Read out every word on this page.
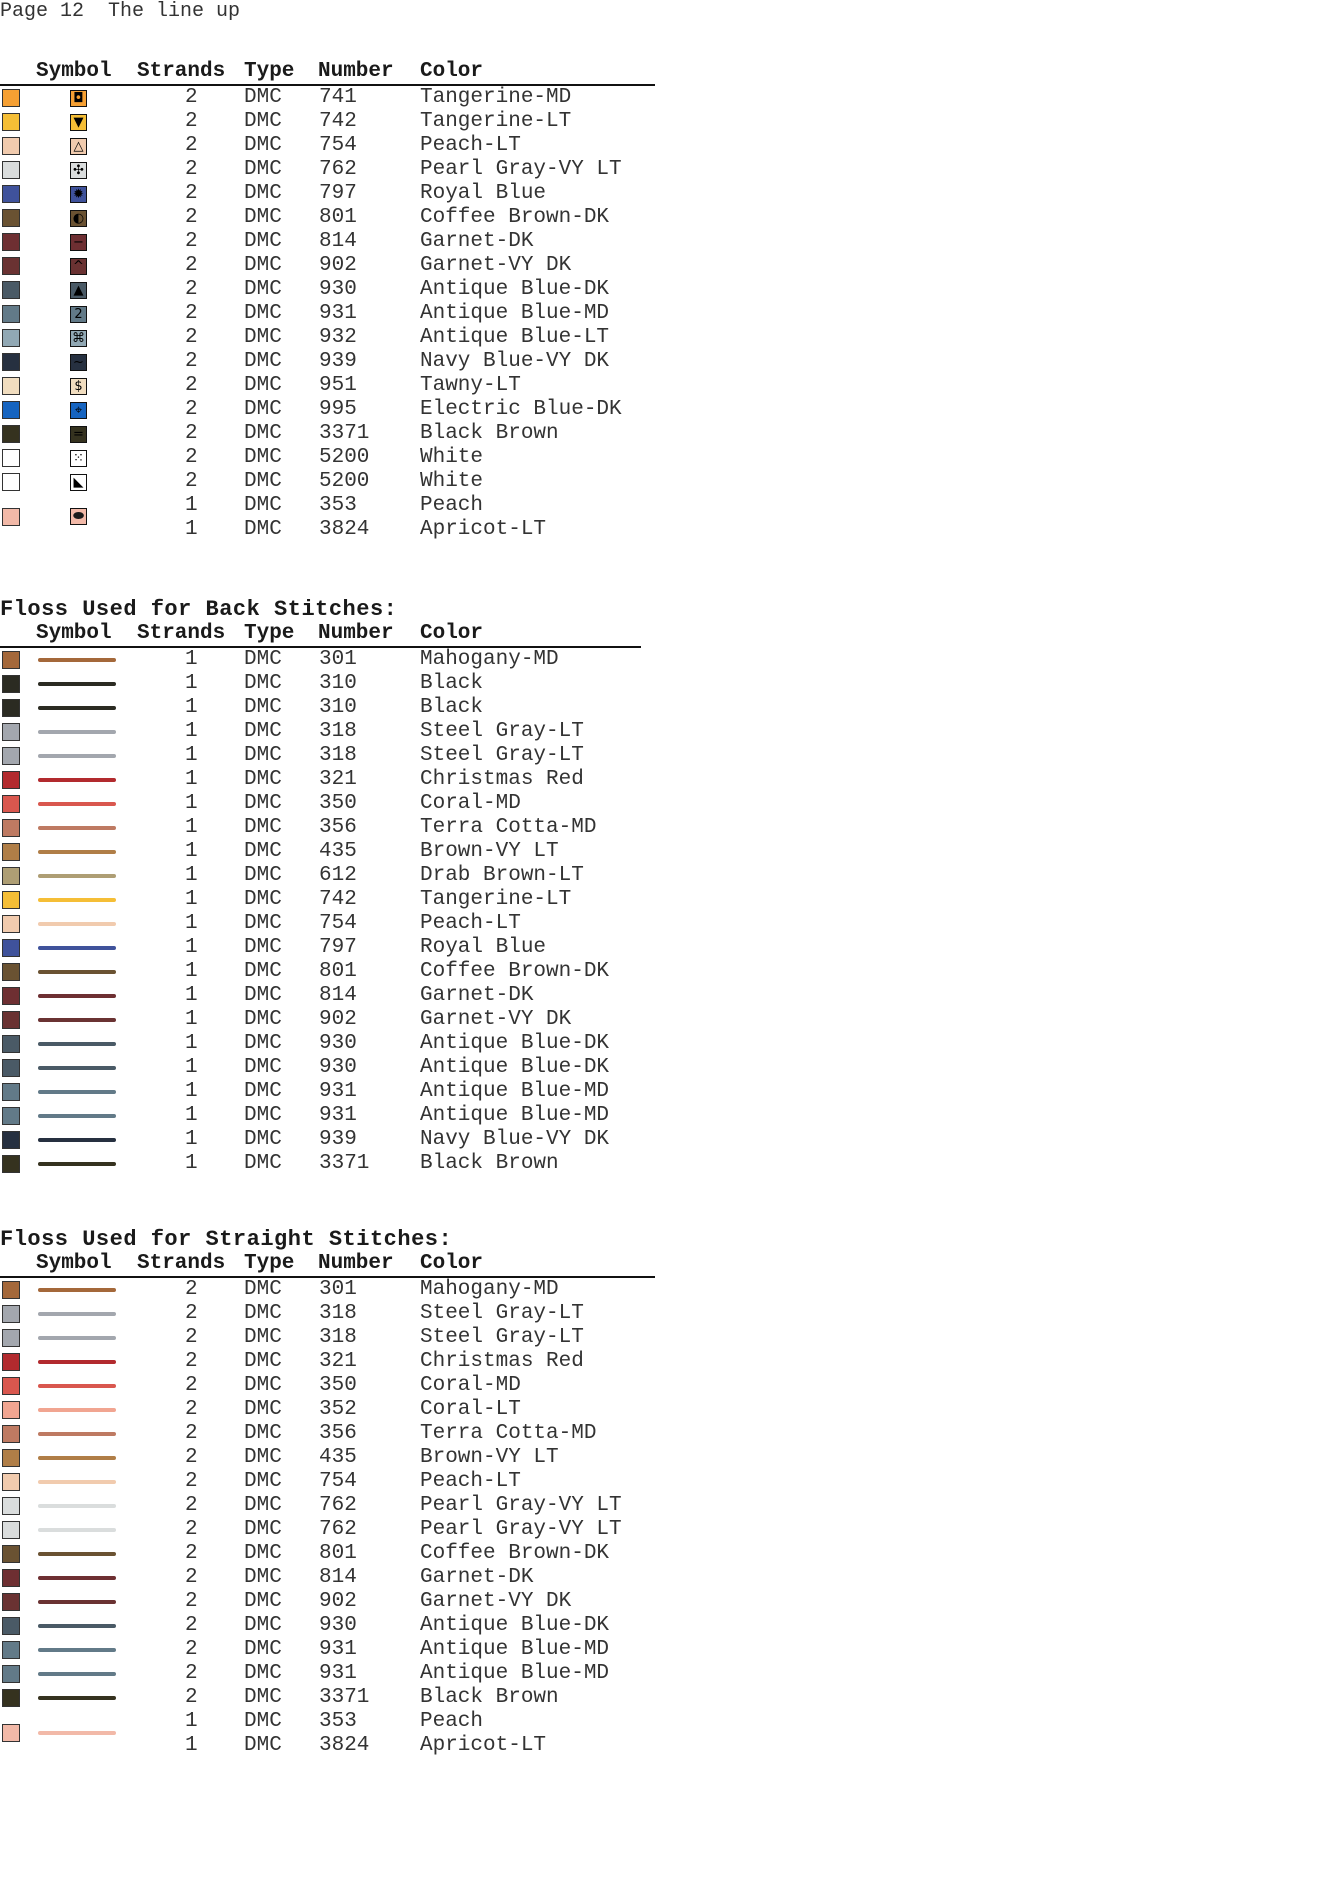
Page 12  The line up
Symbol Strands Type Number Color
◘	2 DMC 741	Tangerine-MD
▼	2 DMC 742	Tangerine-LT
△	2 DMC 754	Peach-LT
✣	2 DMC 762	Pearl Gray-VY LT
✹	2 DMC 797	Royal Blue
◐	2 DMC 801	Coffee Brown-DK
−	2 DMC 814	Garnet-DK
^	2 DMC 902	Garnet-VY DK
▲	2 DMC 930	Antique Blue-DK
2	2 DMC 931	Antique Blue-MD
⌘	2 DMC 932	Antique Blue-LT
~	2 DMC 939	Navy Blue-VY DK
$	2 DMC 951	Tawny-LT
⌖	2 DMC 995	Electric Blue-DK
=	2 DMC 3371 Black Brown
⁙	2 DMC 5200 White
◣	2 DMC 5200 White
1 DMC 353	Peach
1 DMC 3824 Apricot-LT
⬬
Floss Used for Back Stitches:
Symbol Strands Type Number Color
1 DMC 301	Mahogany-MD
1 DMC 310	Black
1 DMC 310	Black
1 DMC 318	Steel Gray-LT
1 DMC 318	Steel Gray-LT
1 DMC 321	Christmas Red
1 DMC 350	Coral-MD
1 DMC 356	Terra Cotta-MD
1 DMC 435	Brown-VY LT
1 DMC 612	Drab Brown-LT
1 DMC 742	Tangerine-LT
1 DMC 754	Peach-LT
1 DMC 797	Royal Blue
1 DMC 801	Coffee Brown-DK
1 DMC 814	Garnet-DK
1 DMC 902	Garnet-VY DK
1 DMC 930	Antique Blue-DK
1 DMC 930	Antique Blue-DK
1 DMC 931	Antique Blue-MD
1 DMC 931	Antique Blue-MD
1 DMC 939	Navy Blue-VY DK
1 DMC 3371 Black Brown
Floss Used for Straight Stitches:
Symbol Strands Type Number Color
2 DMC 301	Mahogany-MD
2 DMC 318	Steel Gray-LT
2 DMC 318	Steel Gray-LT
2 DMC 321	Christmas Red
2 DMC 350	Coral-MD
2 DMC 352	Coral-LT
2 DMC 356	Terra Cotta-MD
2 DMC 435	Brown-VY LT
2 DMC 754	Peach-LT
2 DMC 762	Pearl Gray-VY LT
2 DMC 762	Pearl Gray-VY LT
2 DMC 801	Coffee Brown-DK
2 DMC 814	Garnet-DK
2 DMC 902	Garnet-VY DK
2 DMC 930	Antique Blue-DK
2 DMC 931	Antique Blue-MD
2 DMC 931	Antique Blue-MD
2 DMC 3371 Black Brown
1 DMC 353	Peach
1 DMC 3824 Apricot-LT
